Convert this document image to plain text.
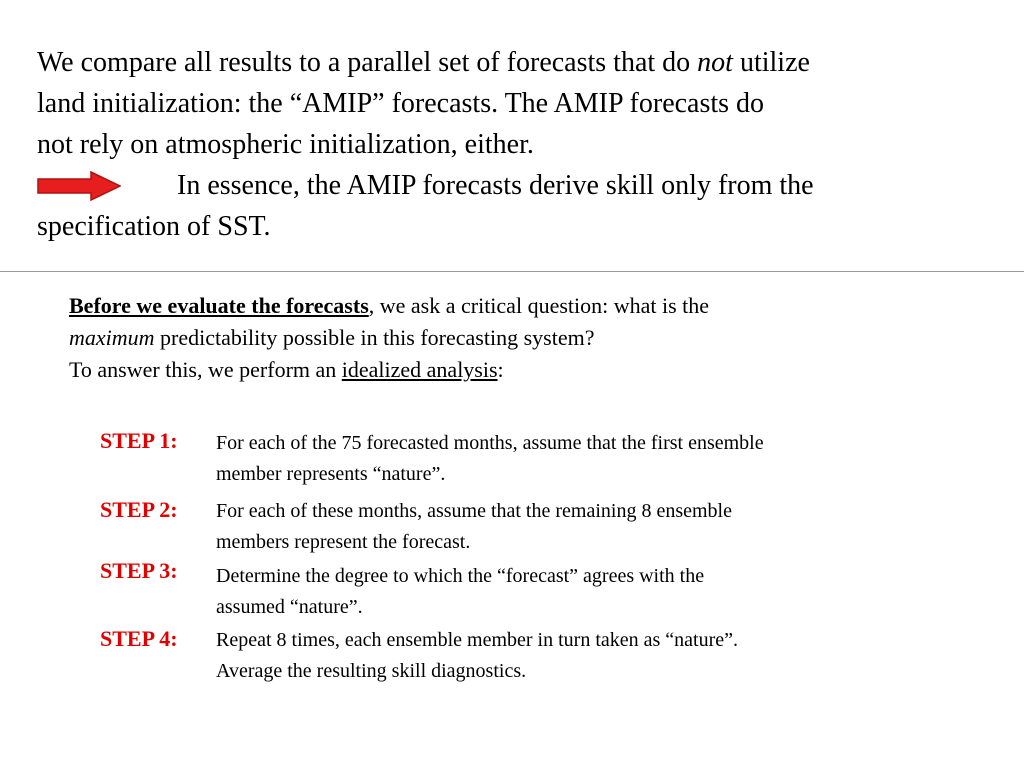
We compare all results to a parallel set of forecasts that do not utilize
land initialization: the “AMIP” forecasts. The AMIP forecasts do
not rely on atmospheric initialization, either.
In essence, the AMIP forecasts derive skill only from the
specification of SST.
Before we evaluate the forecasts, we ask a critical question: what is the
maximum predictability possible in this forecasting system?
To answer this, we perform an idealized analysis:
STEP 1:	For each of the 75 forecasted months, assume that the first ensemble
member represents “nature”.
STEP 2:	For each of these months, assume that the remaining 8 ensemble
members represent the forecast.
STEP 3:	Determine the degree to which the “forecast” agrees with the
assumed “nature”.
STEP 4:	Repeat 8 times, each ensemble member in turn taken as “nature”.
Average the resulting skill diagnostics.
